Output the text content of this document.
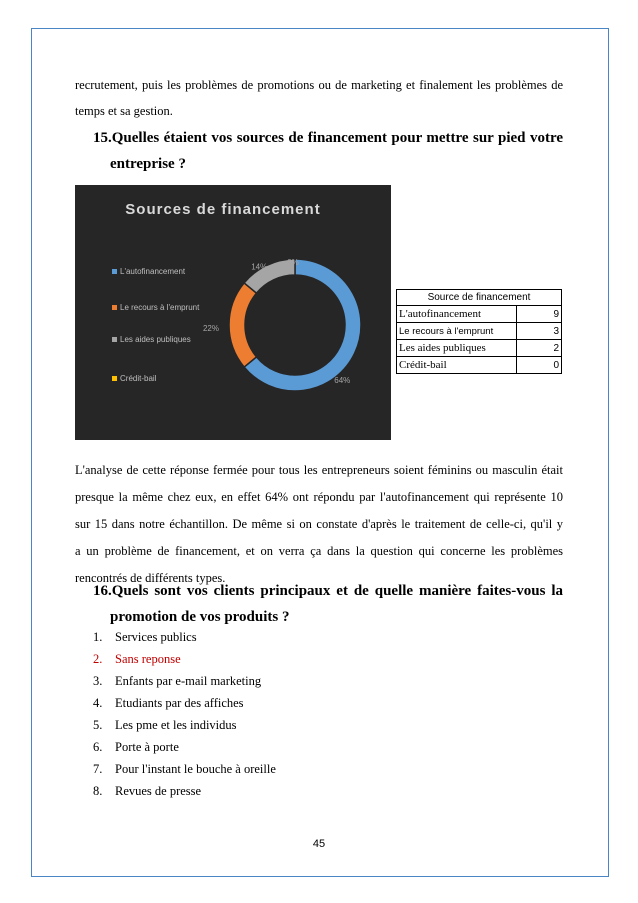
recrutement, puis les problèmes de promotions ou de marketing et finalement les problèmes de
temps et sa gestion.
15.Quelles étaient vos sources de financement pour mettre sur pied votre
entreprise ?
Sources de financement
L'autofinancement
Le recours à l'emprunt
Les aides publiques
Crédit-bail	64%
22%
14%
0%
Source de financement	
L'autofinancement	9
Le recours à l'emprunt	3
Les aides publiques	2
Crédit-bail	0
L'analyse de cette réponse fermée pour tous les entrepreneurs soient féminins ou masculin était
presque la même chez eux, en effet 64% ont répondu par l'autofinancement qui représente 10
sur 15 dans notre échantillon. De même si on constate d'après le traitement de celle-ci, qu'il y
a un problème de financement, et on verra ça dans la question qui concerne les problèmes
rencontrés de différents types.
16.Quels sont vos clients principaux et de quelle manière faites-vous la
promotion de vos produits ?
1. Services publics
2. Sans reponse
3. Enfants par e-mail marketing
4. Etudiants par des affiches
5. Les pme et les individus
6. Porte à porte
7. Pour l'instant le bouche à oreille
8. Revues de presse
45
